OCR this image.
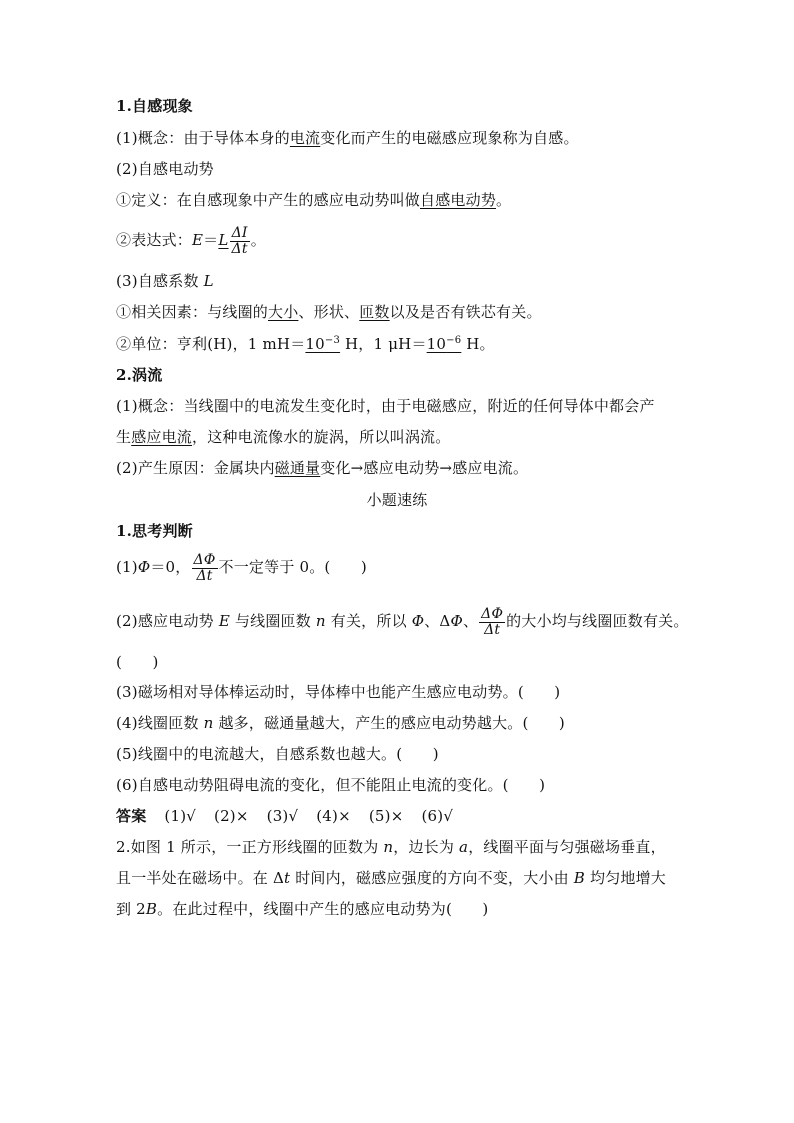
1.自感现象
(1)概念：由于导体本身的电流变化而产生的电磁感应现象称为自感。
(2)自感电动势
①定义：在自感现象中产生的感应电动势叫做自感电动势。
②表达式：$E=L \frac{\Delta I}{\Delta t}$ 。
(3)自感系数 L
①相关因素：与线圈的大小、形状、匝数以及是否有铁芯有关。
②单位：亨利(H)，1 $mH=10^{-3}$ H，1 $\mu H=10^{-6}$ H。
2.涡流
(1)概念：当线圈中的电流发生变化时，由于电磁感应，附近的任何导体中都会产
生感应电流，这种电流像水的旋涡，所以叫涡流。
(2)产生原因：金属块内磁通量变化→感应电动势→感应电流。
小题速练
1.思考判断
(1)Φ＝0， $\frac{\Delta\Phi}{\Delta t}$ 不一定等于 0。(　　)
(2)感应电动势 E 与线圈匝数 n 有关，所以 Φ、ΔΦ、 $\frac{\Delta\Phi}{\Delta t}$ 的大小均与线圈匝数有关。
(　　)
(3)磁场相对导体棒运动时，导体棒中也能产生感应电动势。(　　)
(4)线圈匝数 n 越多，磁通量越大，产生的感应电动势越大。(　　)
(5)线圈中的电流越大，自感系数也越大。(　　)
(6)自感电动势阻碍电流的变化，但不能阻止电流的变化。(　　)
答案 (1)√ (2)× (3)√ (4)× (5)× (6)√
2.如图 1 所示，一正方形线圈的匝数为 n，边长为 a，线圈平面与匀强磁场垂直，
且一半处在磁场中。在 Δt 时间内，磁感应强度的方向不变，大小由 B 均匀地增大
到 2B。在此过程中，线圈中产生的感应电动势为(　　)
